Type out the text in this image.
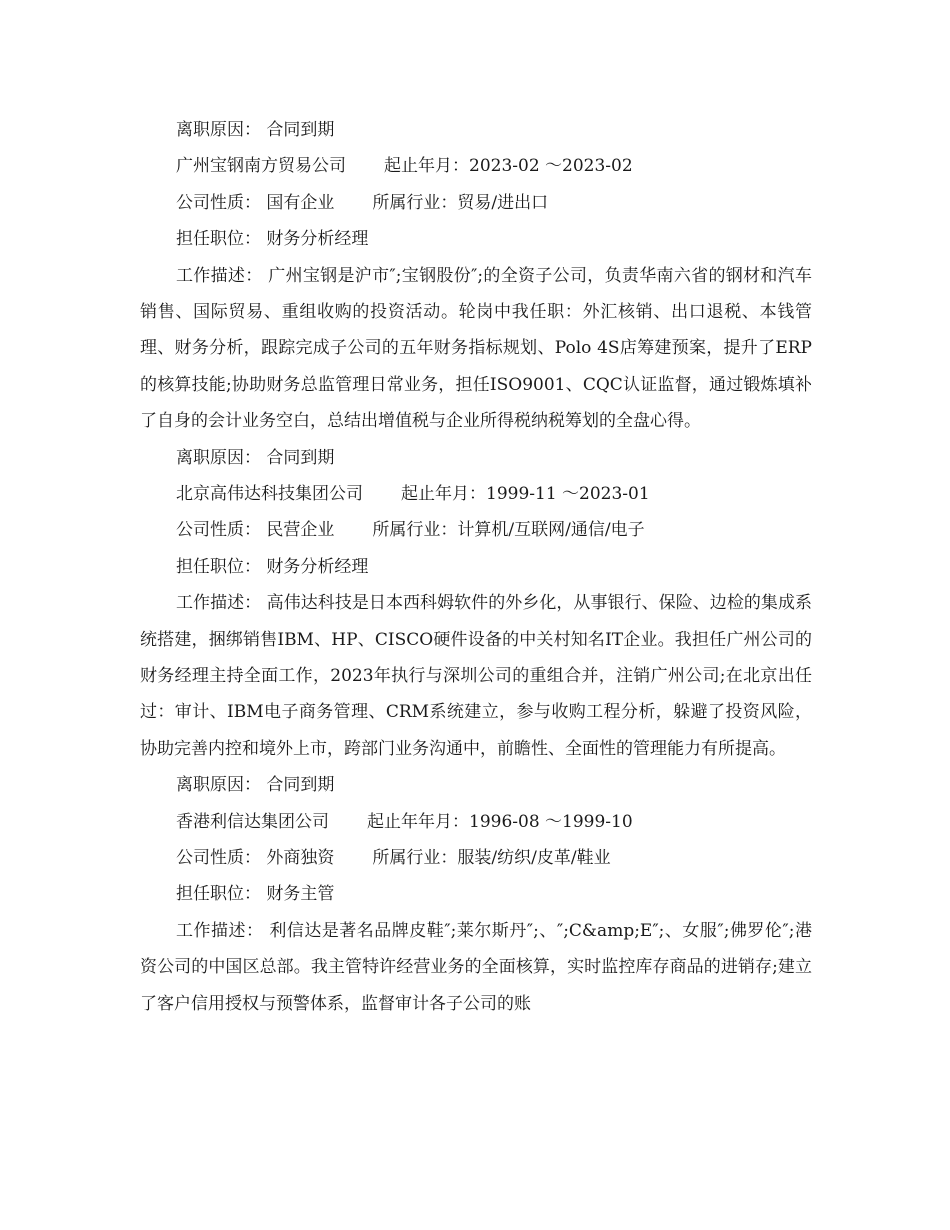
离职原因： 合同到期
广州宝钢南方贸易公司 起止年月：2023-02 ～2023-02
公司性质： 国有企业 所属行业：贸易/进出口
担任职位： 财务分析经理

工作描述： 广州宝钢是沪市″;宝钢股份″;的全资子公司，负责华南六省的钢材和汽车销售、国际贸易、重组收购的投资活动。轮岗中我任职：外汇核销、出口退税、本钱管理、财务分析，跟踪完成子公司的五年财务指标规划、Polo 4S店筹建预案，提升了ERP的核算技能;协助财务总监管理日常业务，担任ISO9001、CQC认证监督，通过锻炼填补了自身的会计业务空白，总结出增值税与企业所得税纳税筹划的全盘心得。

离职原因： 合同到期
北京高伟达科技集团公司 起止年月：1999-11 ～2023-01
公司性质： 民营企业 所属行业：计算机/互联网/通信/电子
担任职位： 财务分析经理

工作描述： 高伟达科技是日本西科姆软件的外乡化，从事银行、保险、边检的集成系统搭建，捆绑销售IBM、HP、CISCO硬件设备的中关村知名IT企业。我担任广州公司的财务经理主持全面工作，2023年执行与深圳公司的重组合并，注销广州公司;在北京出任过：审计、IBM电子商务管理、CRM系统建立，参与收购工程分析，躲避了投资风险，协助完善内控和境外上市，跨部门业务沟通中，前瞻性、全面性的管理能力有所提高。

离职原因： 合同到期
香港利信达集团公司 起止年年月：1996-08 ～1999-10
公司性质： 外商独资 所属行业：服装/纺织/皮革/鞋业
担任职位： 财务主管

工作描述： 利信达是著名品牌皮鞋″;莱尔斯丹″;、″;C&amp;E″;、女服″;佛罗伦″;港资公司的中国区总部。我主管特许经营业务的全面核算，实时监控库存商品的进销存;建立了客户信用授权与预警体系，监督审计各子公司的账
